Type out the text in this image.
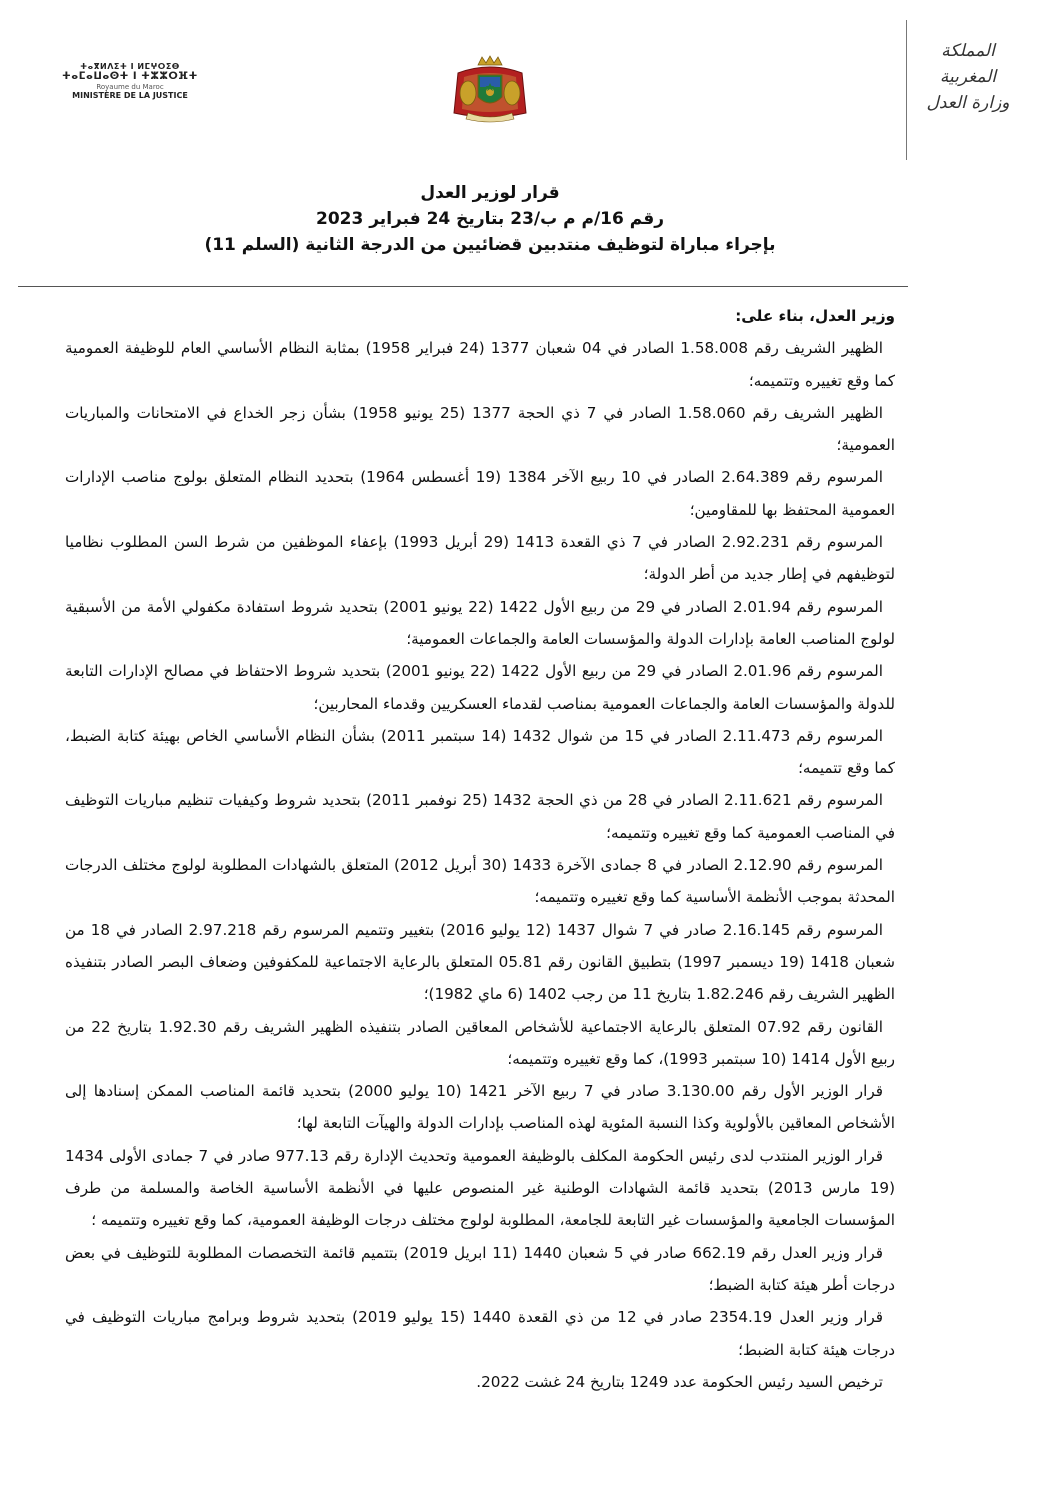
المملكة المغربية
وزارة العدل
ⵜⴰⴳⵍⴷⵉⵜ ⵏ ⵍⵎⵖⵔⵉⴱ
ⵜⴰⵎⴰⵡⴰⵙⵜ ⵏ ⵜⵣⵣⵔⴼⵜ
Royaume du Maroc
MINISTÈRE DE LA JUSTICE
قرار لوزير العدل
رقم 16/م م ب/23 بتاريخ 24 فبراير 2023
بإجراء مباراة لتوظيف منتدبين قضائيين من الدرجة الثانية (السلم 11)
وزير العدل، بناء على:

الظهير الشريف رقم 1.58.008 الصادر في 04 شعبان 1377 (24 فبراير 1958) بمثابة النظام الأساسي العام للوظيفة العمومية كما وقع تغييره وتتميمه؛

الظهير الشريف رقم 1.58.060 الصادر في 7 ذي الحجة 1377 (25 يونيو 1958) بشأن زجر الخداع في الامتحانات والمباريات العمومية؛

المرسوم رقم 2.64.389 الصادر في 10 ربيع الآخر 1384 (19 أغسطس 1964) بتحديد النظام المتعلق بولوج مناصب الإدارات العمومية المحتفظ بها للمقاومين؛

المرسوم رقم 2.92.231 الصادر في 7 ذي القعدة 1413 (29 أبريل 1993) بإعفاء الموظفين من شرط السن المطلوب نظاميا لتوظيفهم في إطار جديد من أطر الدولة؛

المرسوم رقم 2.01.94 الصادر في 29 من ربيع الأول 1422 (22 يونيو 2001) بتحديد شروط استفادة مكفولي الأمة من الأسبقية لولوج المناصب العامة بإدارات الدولة والمؤسسات العامة والجماعات العمومية؛

المرسوم رقم 2.01.96 الصادر في 29 من ربيع الأول 1422 (22 يونيو 2001) بتحديد شروط الاحتفاظ في مصالح الإدارات التابعة للدولة والمؤسسات العامة والجماعات العمومية بمناصب لقدماء العسكريين وقدماء المحاربين؛

المرسوم رقم 2.11.473 الصادر في 15 من شوال 1432 (14 سبتمبر 2011) بشأن النظام الأساسي الخاص بهيئة كتابة الضبط، كما وقع تتميمه؛

المرسوم رقم 2.11.621 الصادر في 28 من ذي الحجة 1432 (25 نوفمبر 2011) بتحديد شروط وكيفيات تنظيم مباريات التوظيف في المناصب العمومية كما وقع تغييره وتتميمه؛

المرسوم رقم 2.12.90 الصادر في 8 جمادى الآخرة 1433 (30 أبريل 2012) المتعلق بالشهادات المطلوبة لولوج مختلف الدرجات المحدثة بموجب الأنظمة الأساسية كما وقع تغييره وتتميمه؛

المرسوم رقم 2.16.145 صادر في 7 شوال 1437 (12 يوليو 2016) بتغيير وتتميم المرسوم رقم 2.97.218 الصادر في 18 من شعبان 1418 (19 ديسمبر 1997) بتطبيق القانون رقم 05.81 المتعلق بالرعاية الاجتماعية للمكفوفين وضعاف البصر الصادر بتنفيذه الظهير الشريف رقم 1.82.246 بتاريخ 11 من رجب 1402 (6 ماي 1982)؛

القانون رقم 07.92 المتعلق بالرعاية الاجتماعية للأشخاص المعاقين الصادر بتنفيذه الظهير الشريف رقم 1.92.30 بتاريخ 22 من ربيع الأول 1414 (10 سبتمبر 1993)، كما وقع تغييره وتتميمه؛

قرار الوزير الأول رقم 3.130.00 صادر في 7 ربيع الآخر 1421 (10 يوليو 2000) بتحديد قائمة المناصب الممكن إسنادها إلى الأشخاص المعاقين بالأولوية وكذا النسبة المئوية لهذه المناصب بإدارات الدولة والهيآت التابعة لها؛

قرار الوزير المنتدب لدى رئيس الحكومة المكلف بالوظيفة العمومية وتحديث الإدارة رقم 977.13 صادر في 7 جمادى الأولى 1434 (19 مارس 2013) بتحديد قائمة الشهادات الوطنية غير المنصوص عليها في الأنظمة الأساسية الخاصة والمسلمة من طرف المؤسسات الجامعية والمؤسسات غير التابعة للجامعة، المطلوبة لولوج مختلف درجات الوظيفة العمومية، كما وقع تغييره وتتميمه ؛

قرار وزير العدل رقم 662.19 صادر في 5 شعبان 1440 (11 ابريل 2019) بتتميم قائمة التخصصات المطلوبة للتوظيف في بعض درجات أطر هيئة كتابة الضبط؛

قرار وزير العدل 2354.19 صادر في 12 من ذي القعدة 1440 (15 يوليو 2019) بتحديد شروط وبرامج مباريات التوظيف في درجات هيئة كتابة الضبط؛

ترخيص السيد رئيس الحكومة عدد 1249 بتاريخ 24 غشت 2022.
